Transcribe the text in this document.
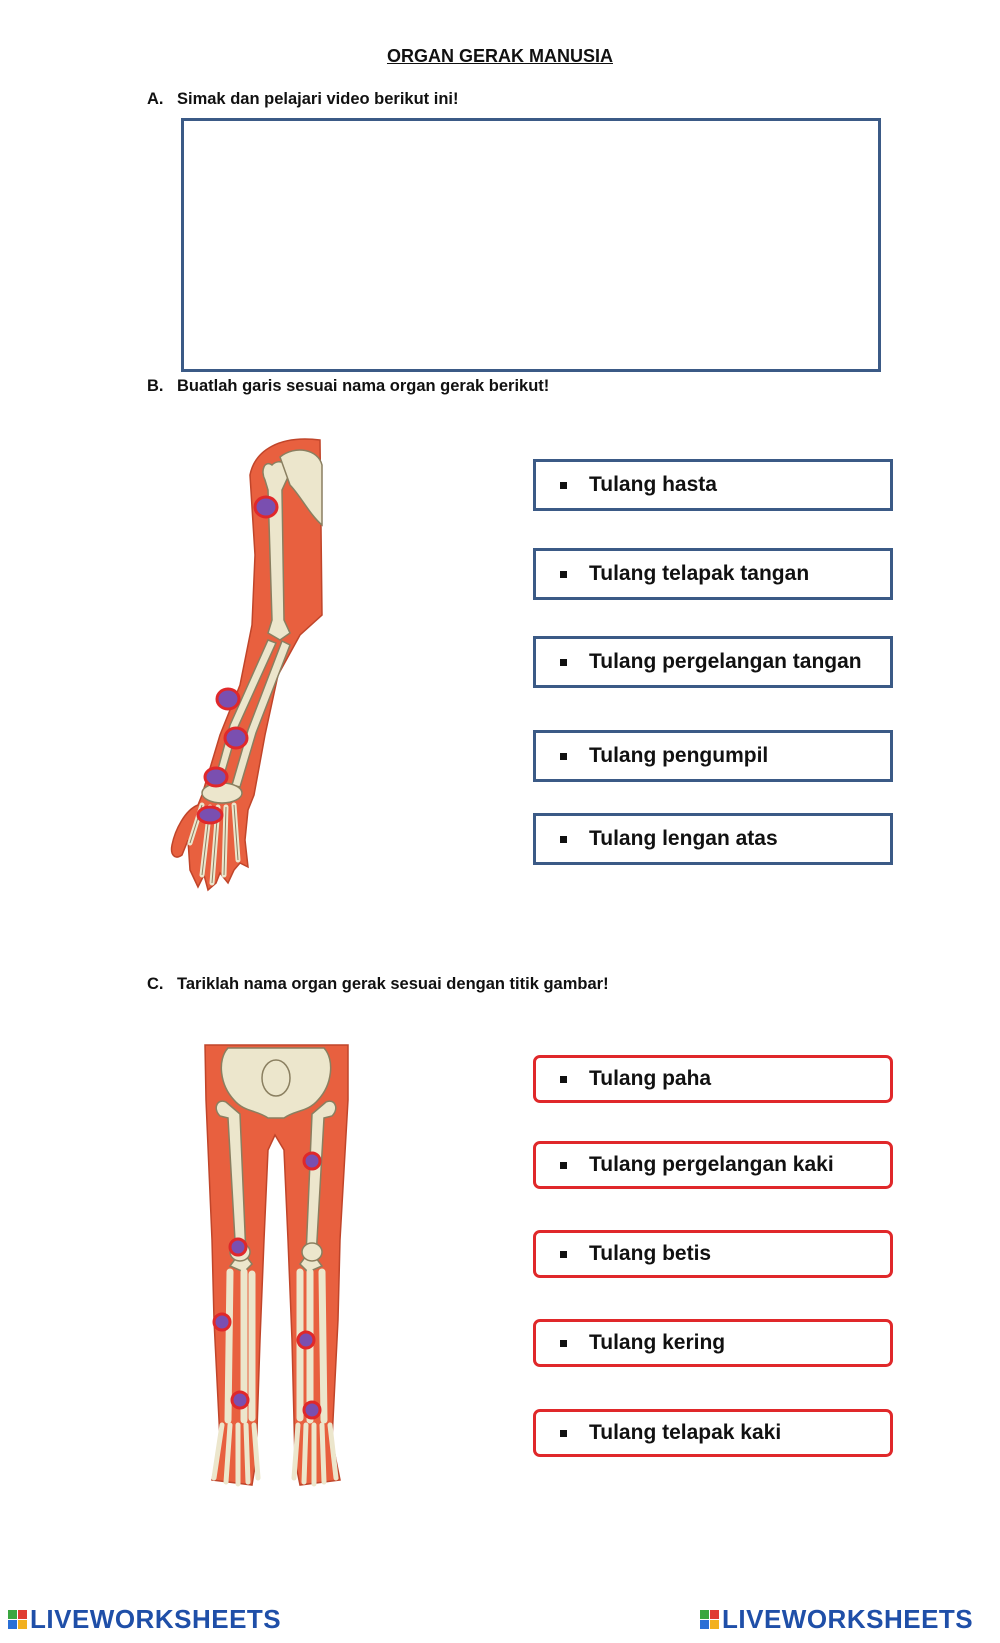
ORGAN GERAK MANUSIA
A. Simak dan pelajari video berikut ini!
B. Buatlah garis sesuai nama organ gerak berikut!
Tulang hasta
Tulang telapak tangan
Tulang pergelangan tangan
Tulang pengumpil
Tulang lengan atas
C. Tariklah nama organ gerak sesuai dengan titik gambar!
Tulang paha
Tulang pergelangan kaki
Tulang betis
Tulang kering
Tulang telapak kaki
LIVEWORKSHEETS	LIVEWORKSHEETS
